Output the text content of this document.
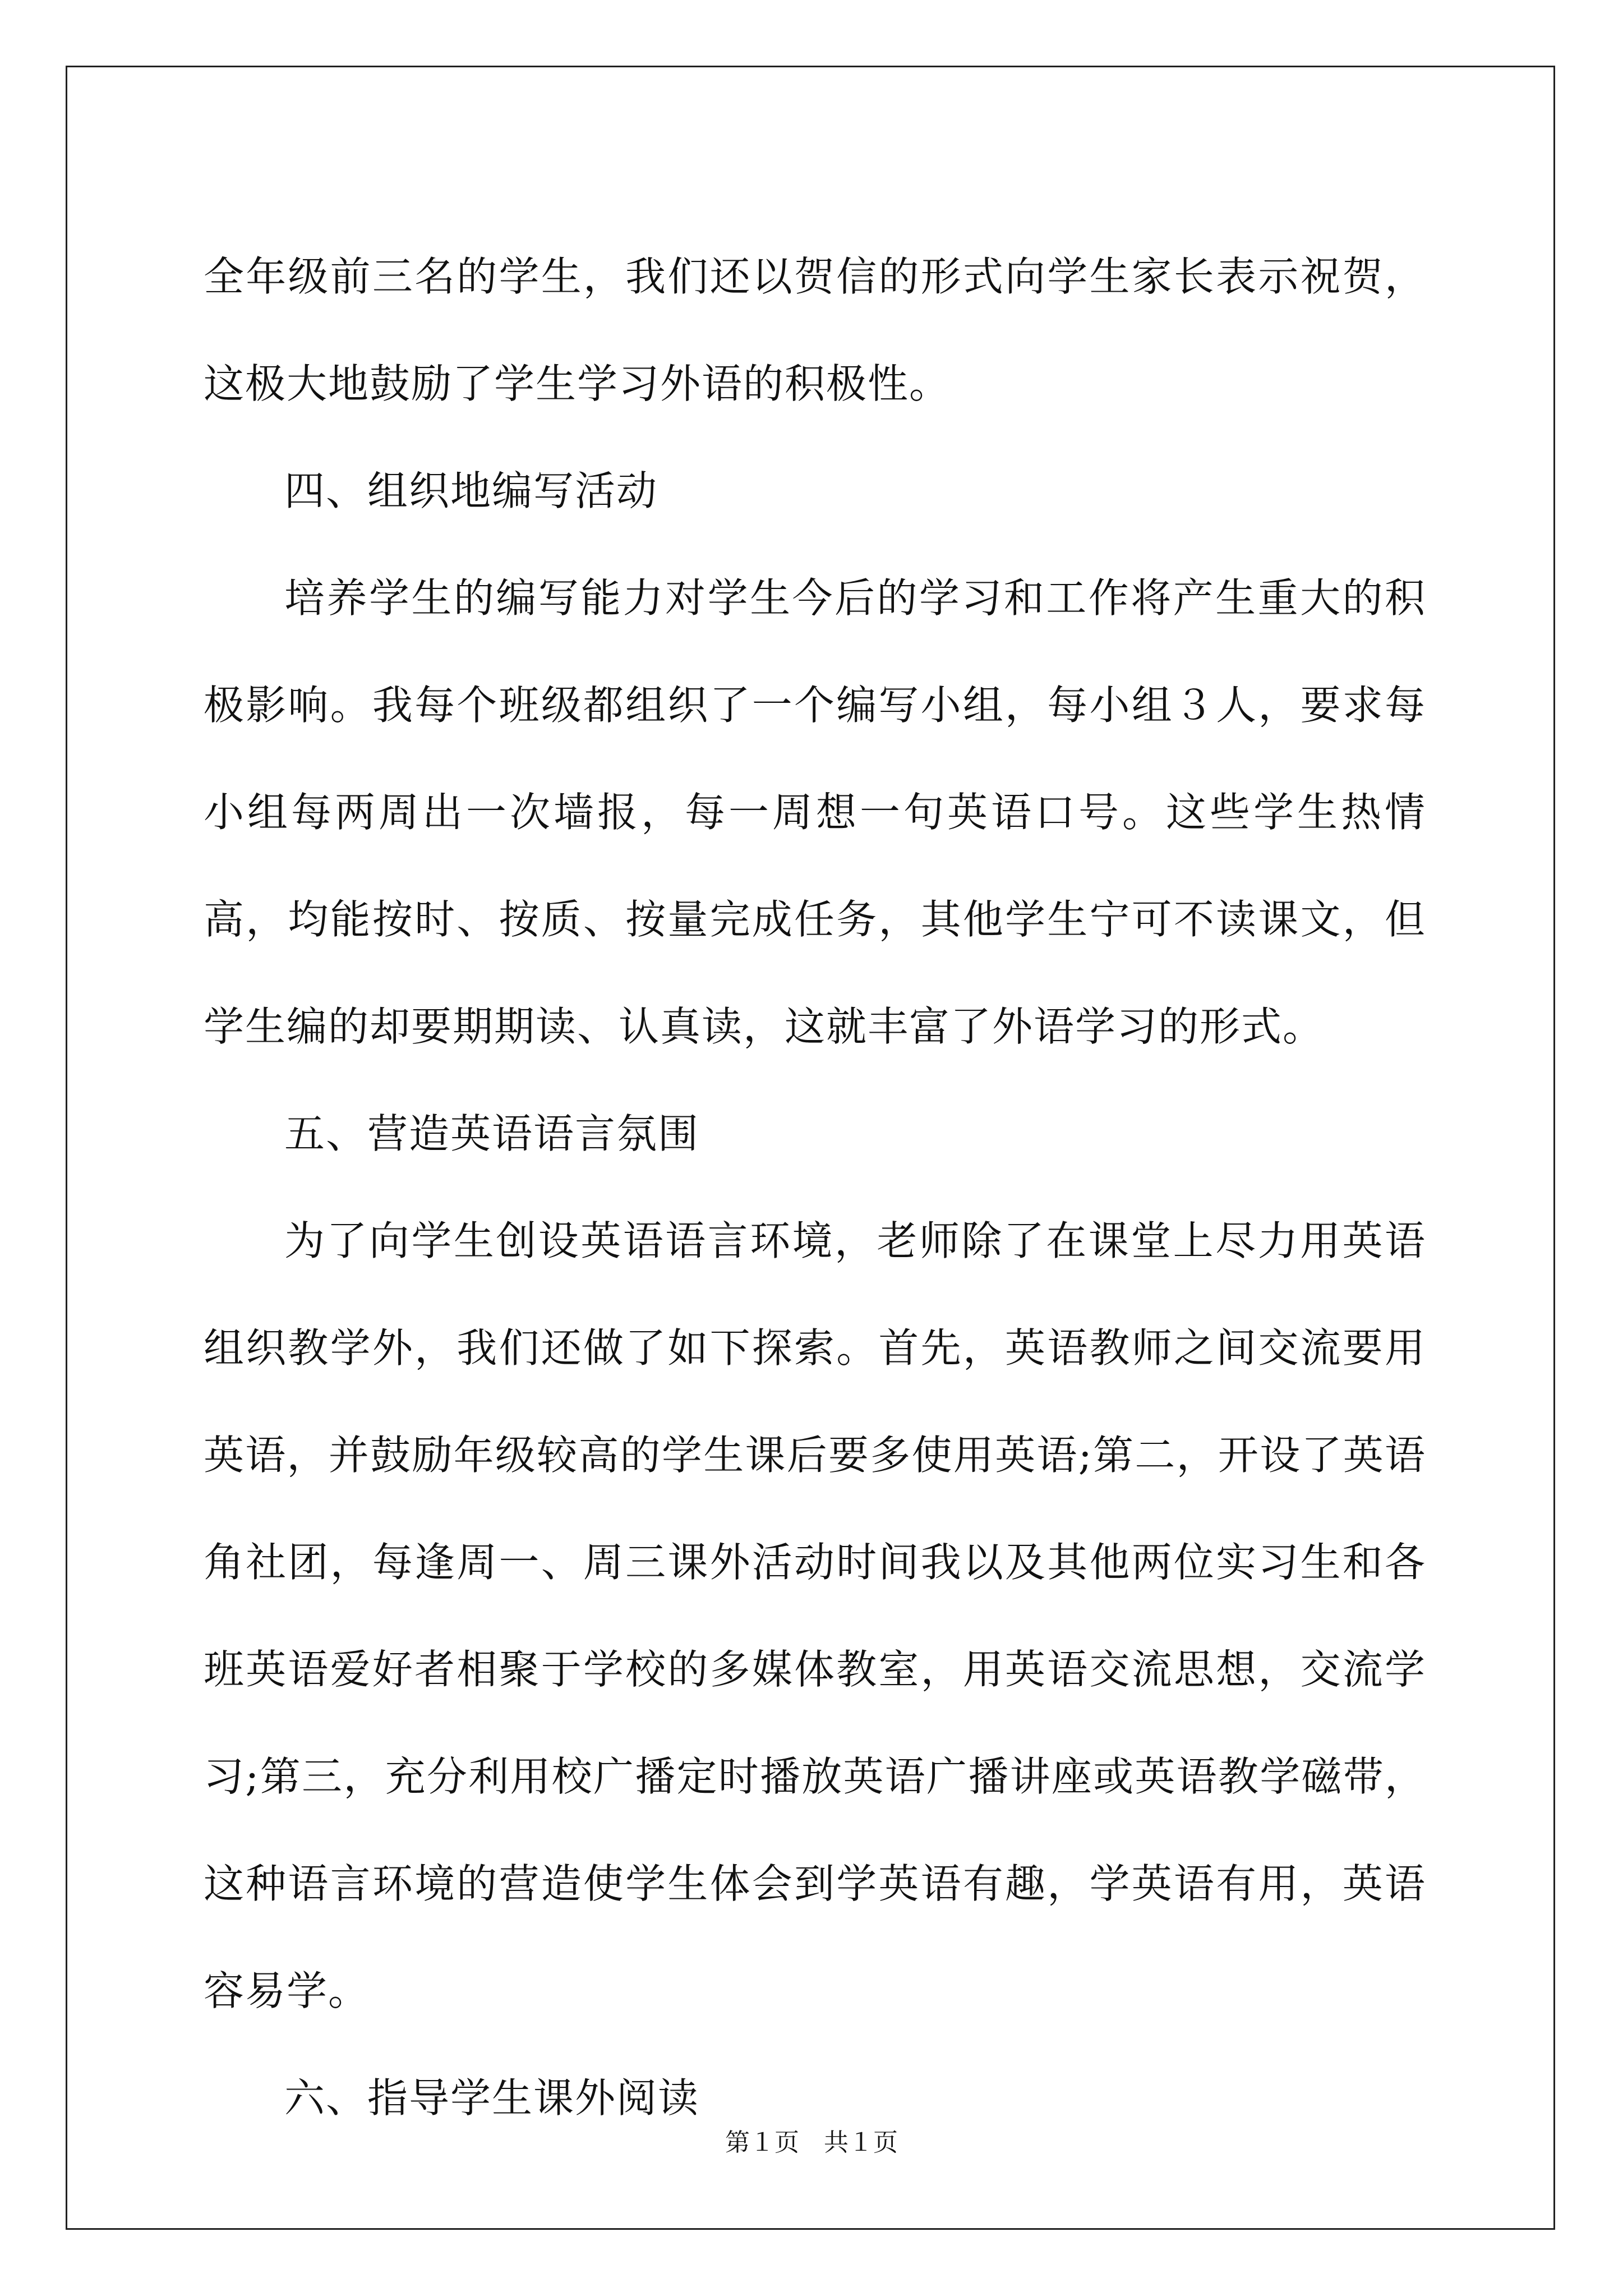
全年级前三名的学生，我们还以贺信的形式向学生家长表示祝贺，这极大地鼓励了学生学习外语的积极性。

四、组织地编写活动

培养学生的编写能力对学生今后的学习和工作将产生重大的积极影响。我每个班级都组织了一个编写小组，每小组３人，要求每小组每两周出一次墙报，每一周想一句英语口号。这些学生热情高，均能按时、按质、按量完成任务，其他学生宁可不读课文，但学生编的却要期期读、认真读，这就丰富了外语学习的形式。

五、营造英语语言氛围

为了向学生创设英语语言环境，老师除了在课堂上尽力用英语组织教学外，我们还做了如下探索。首先，英语教师之间交流要用英语，并鼓励年级较高的学生课后要多使用英语;第二，开设了英语角社团，每逢周一、周三课外活动时间我以及其他两位实习生和各班英语爱好者相聚于学校的多媒体教室，用英语交流思想，交流学习;第三，充分利用校广播定时播放英语广播讲座或英语教学磁带，这种语言环境的营造使学生体会到学英语有趣，学英语有用，英语容易学。

六、指导学生课外阅读

第１页　共１页
